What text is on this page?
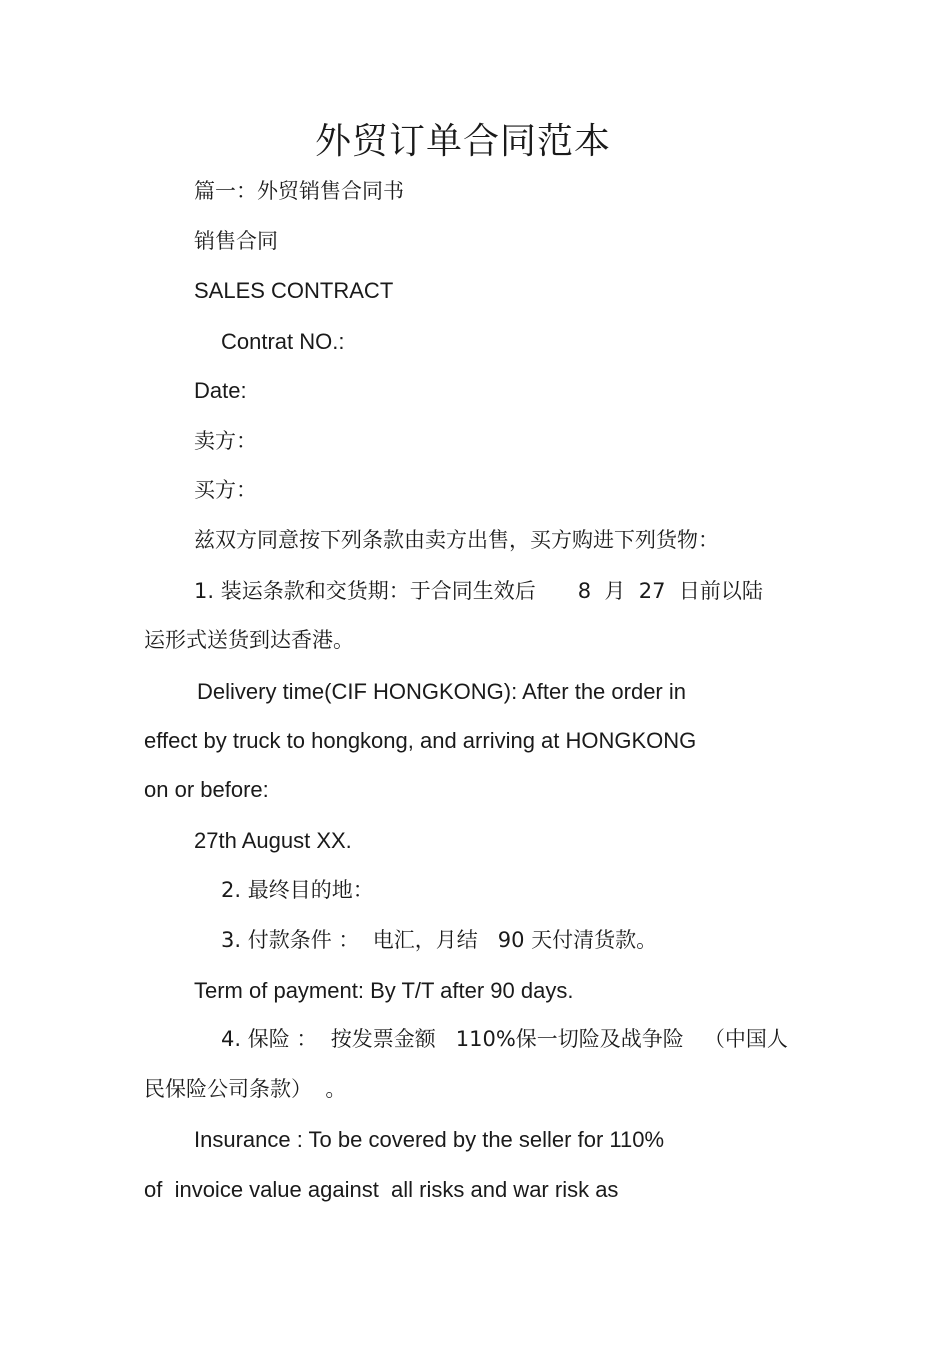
外贸订单合同范本
篇一：外贸销售合同书
销售合同
SALES CONTRACT
Contrat NO.:
Date:
卖方：
买方：
兹双方同意按下列条款由卖方出售，买方购进下列货物：
1. 装运条款和交货期：于合同生效后　　8  月  27  日前以陆
运形式送货到达香港。
Delivery time(CIF HONGKONG): After the order in
effect by truck to hongkong, and arriving at HONGKONG
on or before:
27th August XX.
2. 最终目的地：
3. 付款条件 ：  电汇，月结   90 天付清货款。
Term of payment: By T/T after 90 days.
4. 保险 ：  按发票金额   110%保一切险及战争险   （中国人
民保险公司条款）  。
Insurance : To be covered by the seller for 110%
of  invoice value against  all risks and war risk as
